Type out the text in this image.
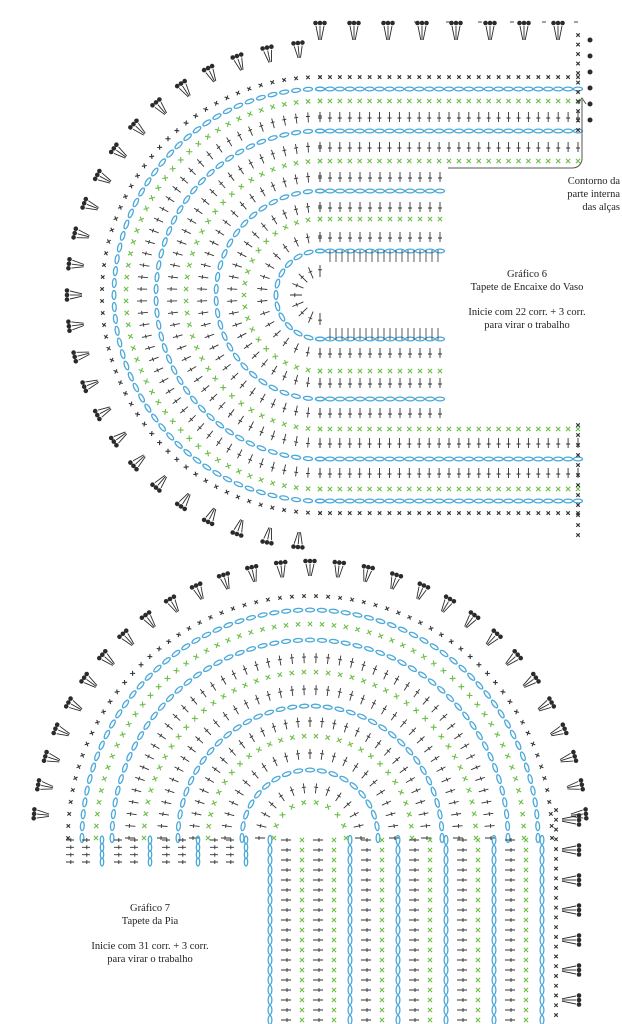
Contorno da
parte interna
das alças
Gráfico 6
Tapete de Encaixe do Vaso
Inicie com 22 corr. + 3 corr.
para virar o trabalho
Gráfico 7
Tapete da Pia
Inicie com 31 corr. + 3 corr.
para virar o trabalho
